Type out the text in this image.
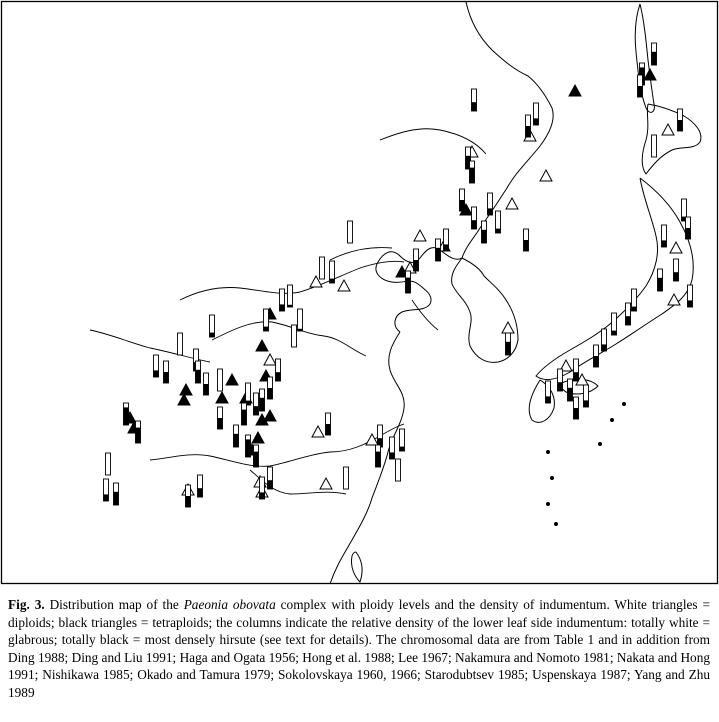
Fig. 3. Distribution map of the Paeonia obovata complex with ploidy levels and the density of indumentum. White triangles = diploids; black triangles = tetraploids; the columns indicate the relative density of the lower leaf side indumentum: totally white = glabrous; totally black = most densely hirsute (see text for details). The chromosomal data are from Table 1 and in addition from Ding 1988; Ding and Liu 1991; Haga and Ogata 1956; Hong et al. 1988; Lee 1967; Nakamura and Nomoto 1981; Nakata and Hong 1991; Nishikawa 1985; Okado and Tamura 1979; Sokolovskaya 1960, 1966; Starodubtsev 1985; Uspenskaya 1987; Yang and Zhu 1989
